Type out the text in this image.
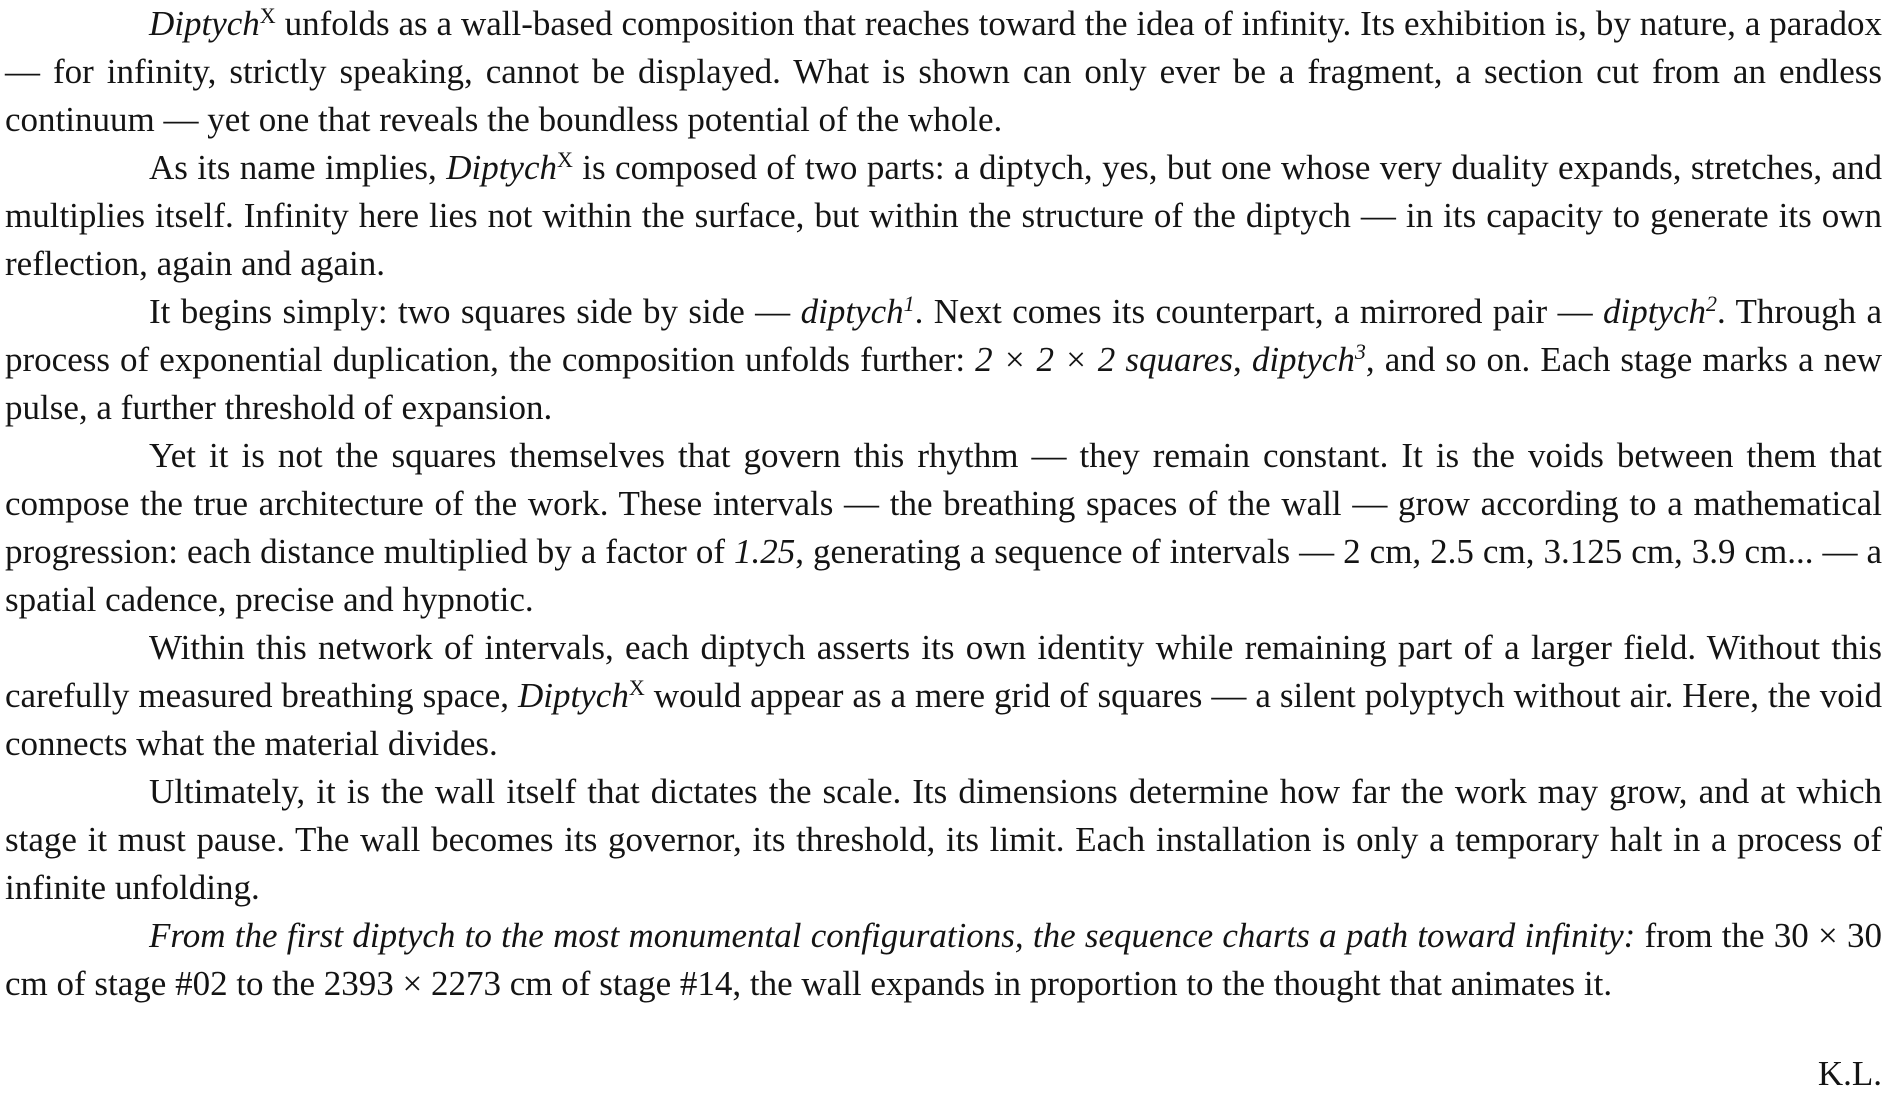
Diptych$^X$ unfolds as a wall-based composition that reaches toward the idea of infinity. Its exhibition is, by nature, a paradox — for infinity, strictly speaking, cannot be displayed. What is shown can only ever be a fragment, a section cut from an endless continuum — yet one that reveals the boundless potential of the whole.

As its name implies, Diptych$^X$ is composed of two parts: a diptych, yes, but one whose very duality expands, stretches, and multiplies itself. Infinity here lies not within the surface, but within the structure of the diptych — in its capacity to generate its own reflection, again and again.

It begins simply: two squares side by side — diptych$^1$. Next comes its counterpart, a mirrored pair — diptych$^2$. Through a process of exponential duplication, the composition unfolds further: 2 × 2 × 2 squares, diptych$^3$, and so on. Each stage marks a new pulse, a further threshold of expansion.

Yet it is not the squares themselves that govern this rhythm — they remain constant. It is the voids between them that compose the true architecture of the work. These intervals — the breathing spaces of the wall — grow according to a mathematical progression: each distance multiplied by a factor of 1.25, generating a sequence of intervals — 2 cm, 2.5 cm, 3.125 cm, 3.9 cm... — a spatial cadence, precise and hypnotic.

Within this network of intervals, each diptych asserts its own identity while remaining part of a larger field. Without this carefully measured breathing space, Diptych$^X$ would appear as a mere grid of squares — a silent polyptych without air. Here, the void connects what the material divides.

Ultimately, it is the wall itself that dictates the scale. Its dimensions determine how far the work may grow, and at which stage it must pause. The wall becomes its governor, its threshold, its limit. Each installation is only a temporary halt in a process of infinite unfolding.

From the first diptych to the most monumental configurations, the sequence charts a path toward infinity: from the 30 × 30 cm of stage #02 to the 2393 × 2273 cm of stage #14, the wall expands in proportion to the thought that animates it.

K.L.
